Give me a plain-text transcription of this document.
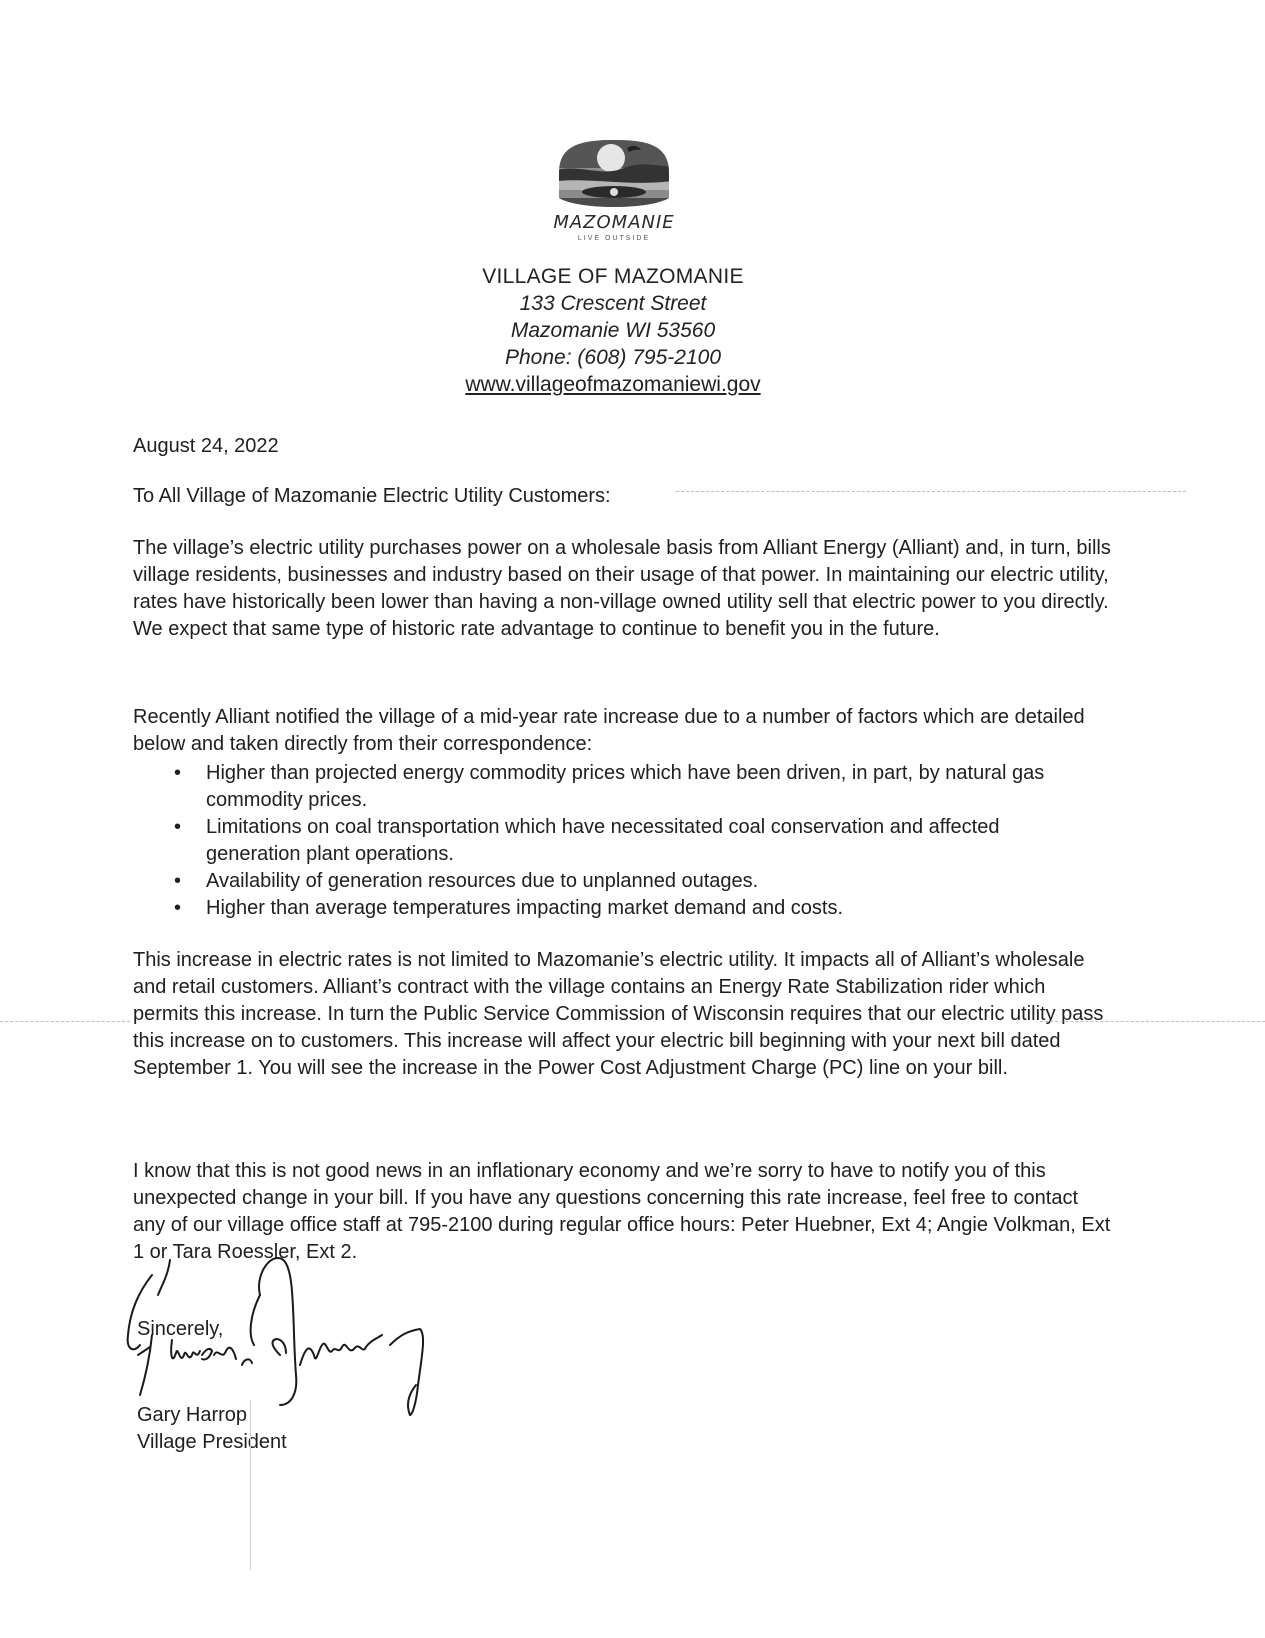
MAZOMANIE
LIVE OUTSIDE
VILLAGE OF MAZOMANIE
133 Crescent Street
Mazomanie WI 53560
Phone: (608) 795-2100
www.villageofmazomaniewi.gov
August 24, 2022
To All Village of Mazomanie Electric Utility Customers:
The village’s electric utility purchases power on a wholesale basis from Alliant Energy (Alliant) and, in turn, bills village residents, businesses and industry based on their usage of that power. In maintaining our electric utility, rates have historically been lower than having a non-village owned utility sell that electric power to you directly. We expect that same type of historic rate advantage to continue to benefit you in the future.
Recently Alliant notified the village of a mid-year rate increase due to a number of factors which are detailed below and taken directly from their correspondence:
• Higher than projected energy commodity prices which have been driven, in part, by natural gas commodity prices.
• Limitations on coal transportation which have necessitated coal conservation and affected generation plant operations.
• Availability of generation resources due to unplanned outages.
• Higher than average temperatures impacting market demand and costs.
This increase in electric rates is not limited to Mazomanie’s electric utility. It impacts all of Alliant’s wholesale and retail customers. Alliant’s contract with the village contains an Energy Rate Stabilization rider which permits this increase. In turn the Public Service Commission of Wisconsin requires that our electric utility pass this increase on to customers. This increase will affect your electric bill beginning with your next bill dated September 1. You will see the increase in the Power Cost Adjustment Charge (PC) line on your bill.
I know that this is not good news in an inflationary economy and we’re sorry to have to notify you of this unexpected change in your bill. If you have any questions concerning this rate increase, feel free to contact any of our village office staff at 795-2100 during regular office hours: Peter Huebner, Ext 4; Angie Volkman, Ext 1 or Tara Roessler, Ext 2.
Sincerely,
Gary Harrop
Village President
